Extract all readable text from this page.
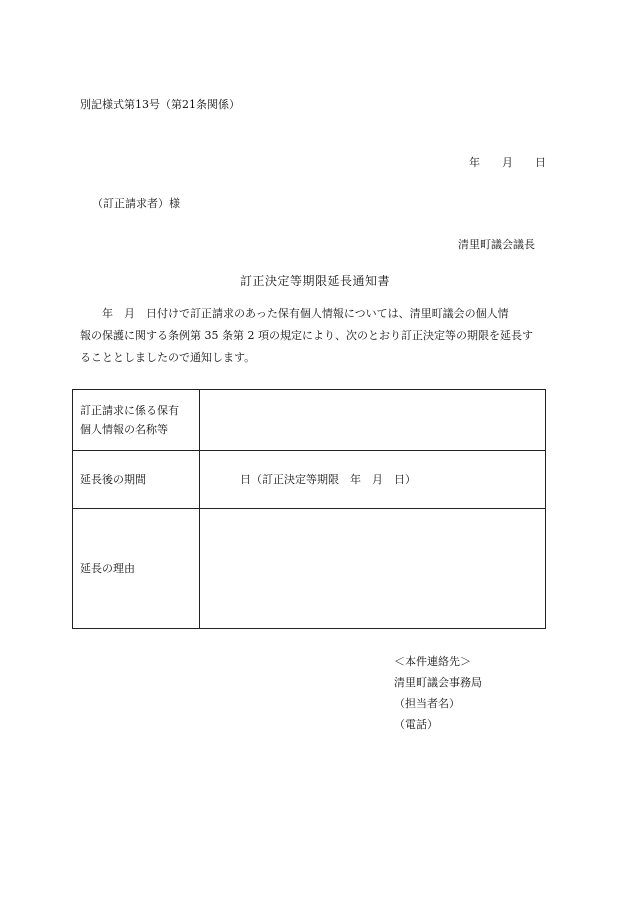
別記様式第13号（第21条関係）
年　　月　　日
（訂正請求者）様
清里町議会議長
訂正決定等期限延長通知書

　　年　月　日付けで訂正請求のあった保有個人情報については、清里町議会の個人情

報の保護に関する条例第 35 条第 2 項の規定により、次のとおり訂正決定等の期限を延長す

ることとしましたので通知します。

訂正請求に係る保有
個人情報の名称等	

延長後の期間	日（訂正決定等期限　年　月　日）
延長の理由	
＜本件連絡先＞
清里町議会事務局
（担当者名）
（電話）
